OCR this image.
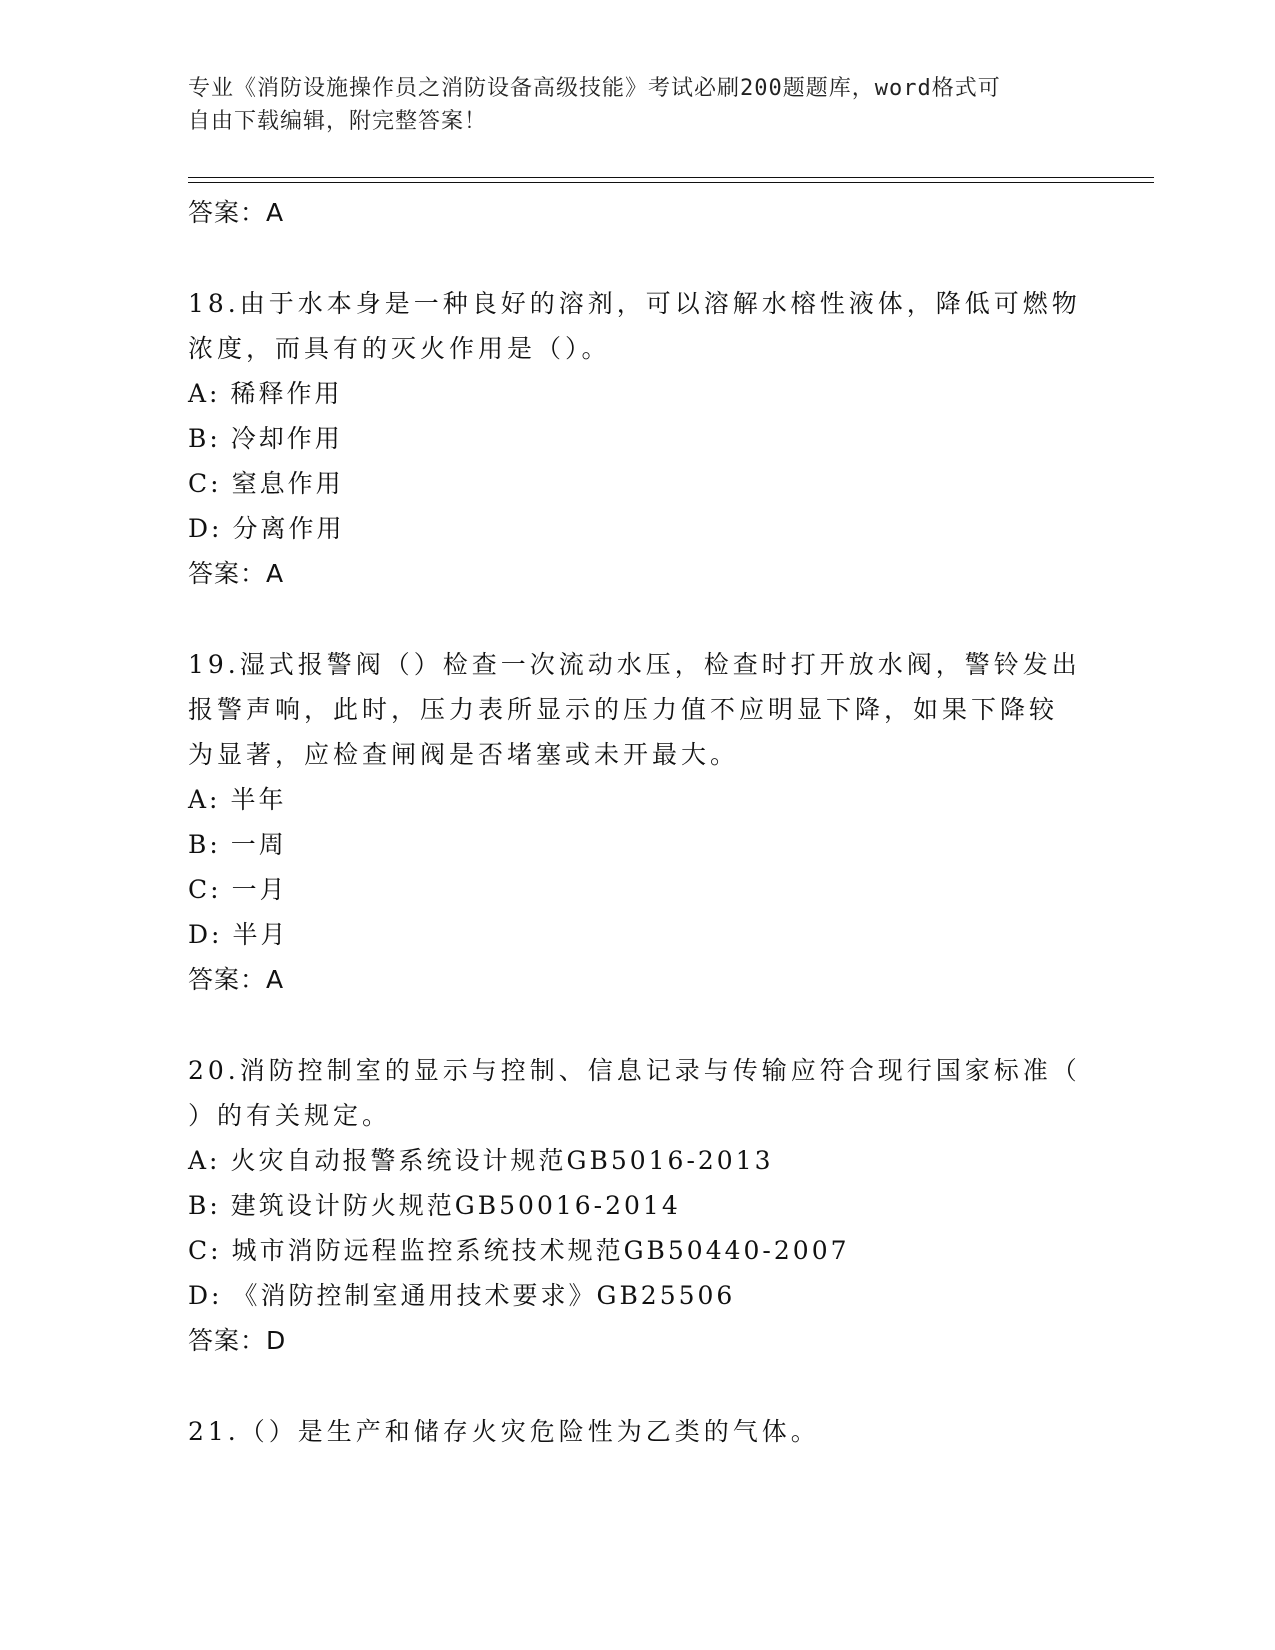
专业《消防设施操作员之消防设备高级技能》考试必刷200题题库，word格式可
自由下载编辑，附完整答案！
答案：A
18.由于水本身是一种良好的溶剂，可以溶解水榕性液体，降低可燃物
浓度，而具有的灭火作用是（）。
A: 稀释作用
B: 冷却作用
C: 窒息作用
D: 分离作用
答案：A
19.湿式报警阀（）检查一次流动水压，检查时打开放水阀，警铃发出
报警声响，此时，压力表所显示的压力值不应明显下降，如果下降较
为显著，应检查闸阀是否堵塞或未开最大。
A: 半年
B: 一周
C: 一月
D: 半月
答案：A
20.消防控制室的显示与控制、信息记录与传输应符合现行国家标准（
）的有关规定。
A: 火灾自动报警系统设计规范GB5016-2013
B: 建筑设计防火规范GB50016-2014
C: 城市消防远程监控系统技术规范GB50440-2007
D: 《消防控制室通用技术要求》GB25506
答案：D
21.（）是生产和储存火灾危险性为乙类的气体。
